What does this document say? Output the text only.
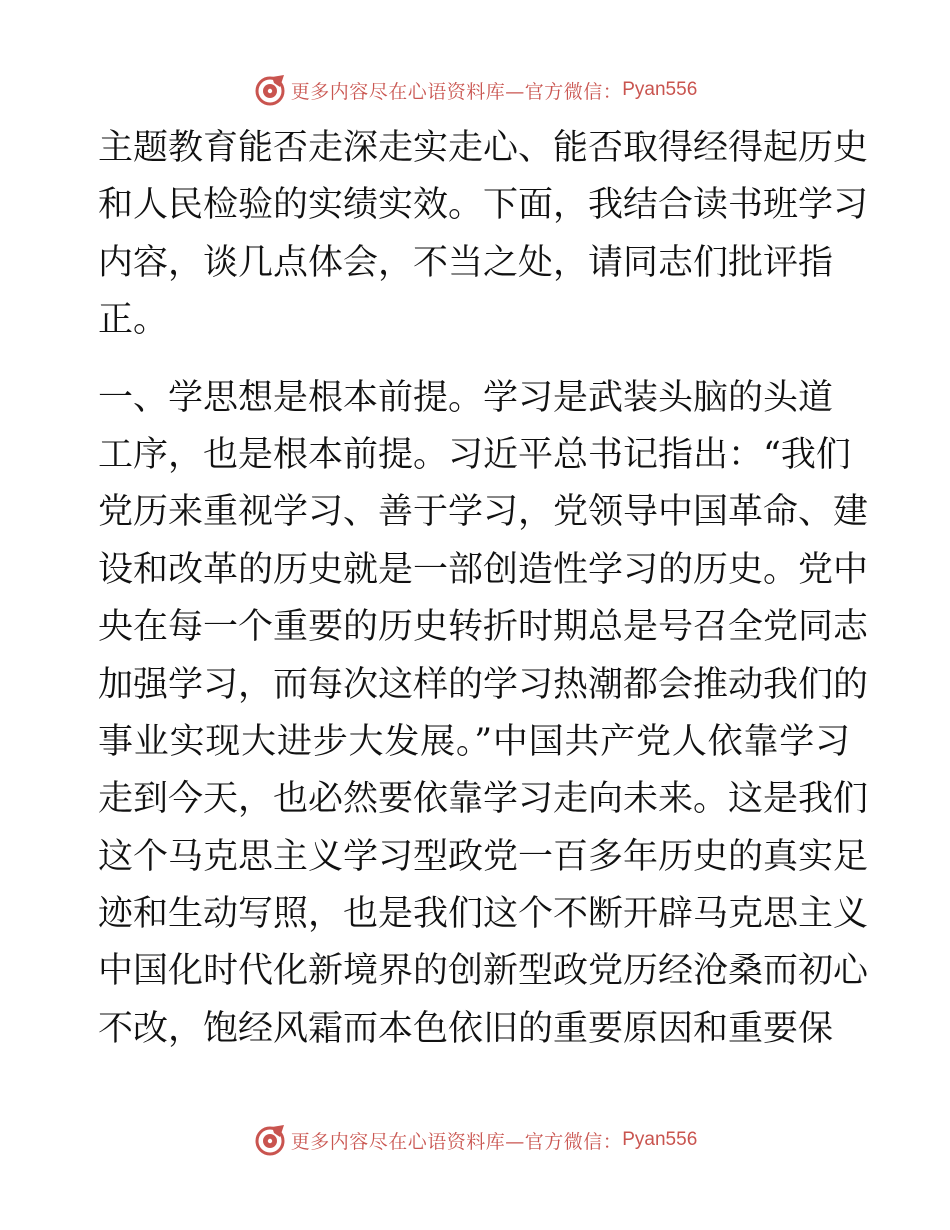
更多内容尽在心语资料库—官方微信： Pyan556
主题教育能否走深走实走心、能否取得经得起历史
和人民检验的实绩实效。下面，我结合读书班学习
内容，谈几点体会，不当之处，请同志们批评指
正。
一、学思想是根本前提。学习是武装头脑的头道
工序，也是根本前提。习近平总书记指出：“我们
党历来重视学习、善于学习，党领导中国革命、建
设和改革的历史就是一部创造性学习的历史。党中
央在每一个重要的历史转折时期总是号召全党同志
加强学习，而每次这样的学习热潮都会推动我们的
事业实现大进步大发展。”中国共产党人依靠学习
走到今天，也必然要依靠学习走向未来。这是我们
这个马克思主义学习型政党一百多年历史的真实足
迹和生动写照，也是我们这个不断开辟马克思主义
中国化时代化新境界的创新型政党历经沧桑而初心
不改，饱经风霜而本色依旧的重要原因和重要保
更多内容尽在心语资料库—官方微信： Pyan556
